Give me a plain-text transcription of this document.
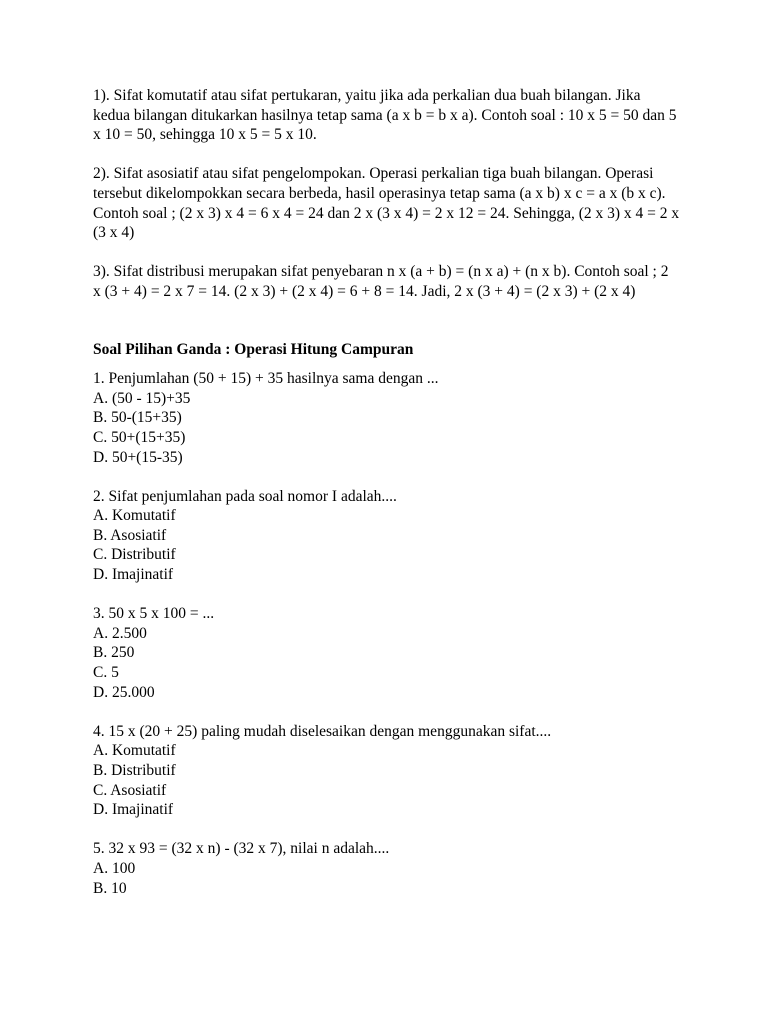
1). Sifat komutatif atau sifat pertukaran, yaitu jika ada perkalian dua buah bilangan. Jika kedua bilangan ditukarkan hasilnya tetap sama (a x b = b x a). Contoh soal : 10 x 5 = 50 dan 5 x 10 = 50, sehingga 10 x 5 = 5 x 10.

2). Sifat asosiatif atau sifat pengelompokan. Operasi perkalian tiga buah bilangan. Operasi tersebut dikelompokkan secara berbeda, hasil operasinya tetap sama (a x b) x c = a x (b x c). Contoh soal ; (2 x 3) x 4 = 6 x 4 = 24 dan 2 x (3 x 4) = 2 x 12 = 24. Sehingga, (2 x 3) x 4 = 2 x (3 x 4)

3). Sifat distribusi merupakan sifat penyebaran n x (a + b) = (n x a) + (n x b). Contoh soal ; 2 x (3 + 4) = 2 x 7 = 14. (2 x 3) + (2 x 4) = 6 + 8 = 14. Jadi, 2 x (3 + 4) = (2 x 3) + (2 x 4)

Soal Pilihan Ganda : Operasi Hitung Campuran
1. Penjumlahan (50 + 15) + 35 hasilnya sama dengan ...
A. (50 - 15)+35
B. 50-(15+35)
C. 50+(15+35)
D. 50+(15-35)
2. Sifat penjumlahan pada soal nomor I adalah....
A. Komutatif
B. Asosiatif
C. Distributif
D. Imajinatif
3. 50 x 5 x 100 = ...
A. 2.500
B. 250
C. 5
D. 25.000
4. 15 x (20 + 25) paling mudah diselesaikan dengan menggunakan sifat....
A. Komutatif
B. Distributif
C. Asosiatif
D. Imajinatif
5. 32 x 93 = (32 x n) - (32 x 7), nilai n adalah....
A. 100
B. 10
